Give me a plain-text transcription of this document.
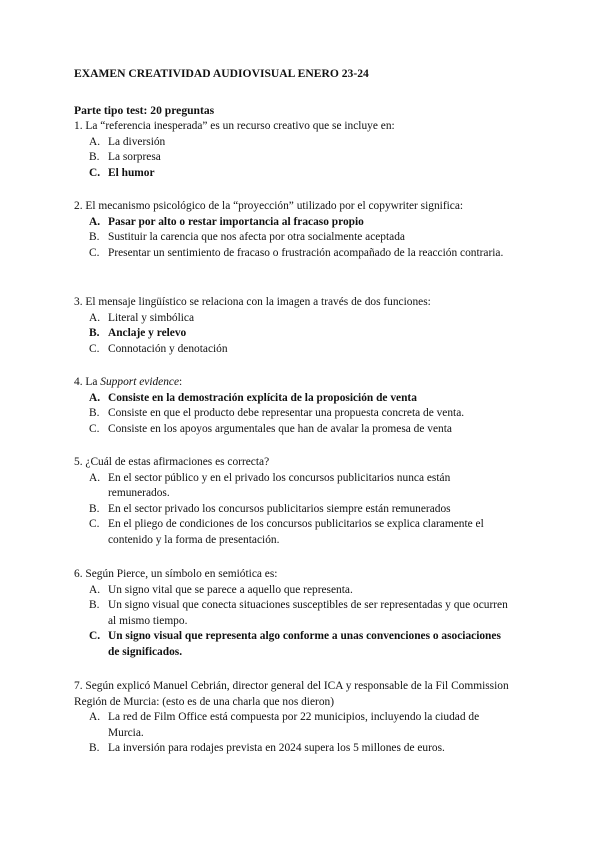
EXAMEN CREATIVIDAD AUDIOVISUAL ENERO 23-24
Parte tipo test: 20 preguntas

1. La “referencia inesperada” es un recurso creativo que se incluye en:

A. La diversión
B. La sorpresa
C. El humor

2. El mecanismo psicológico de la “proyección” utilizado por el copywriter significa:

A. Pasar por alto o restar importancia al fracaso propio
B. Sustituir la carencia que nos afecta por otra socialmente aceptada
C. Presentar un sentimiento de fracaso o frustración acompañado de la reacción contraria.

3. El mensaje lingüístico se relaciona con la imagen a través de dos funciones:

A. Literal y simbólica
B. Anclaje y relevo
C. Connotación y denotación

4. La Support evidence:

A. Consiste en la demostración explícita de la proposición de venta
B. Consiste en que el producto debe representar una propuesta concreta de venta.
C. Consiste en los apoyos argumentales que han de avalar la promesa de venta

5. ¿Cuál de estas afirmaciones es correcta?

A. En el sector público y en el privado los concursos publicitarios nunca están remunerados.
B. En el sector privado los concursos publicitarios siempre están remunerados
C. En el pliego de condiciones de los concursos publicitarios se explica claramente el contenido y la forma de presentación.

6. Según Pierce, un símbolo en semiótica es:

A. Un signo vital que se parece a aquello que representa.
B. Un signo visual que conecta situaciones susceptibles de ser representadas y que ocurren al mismo tiempo.
C. Un signo visual que representa algo conforme a unas convenciones o asociaciones de significados.

7. Según explicó Manuel Cebrián, director general del ICA y responsable de la Fil Commission Región de Murcia: (esto es de una charla que nos dieron)

A. La red de Film Office está compuesta por 22 municipios, incluyendo la ciudad de Murcia.
B. La inversión para rodajes prevista en 2024 supera los 5 millones de euros.
